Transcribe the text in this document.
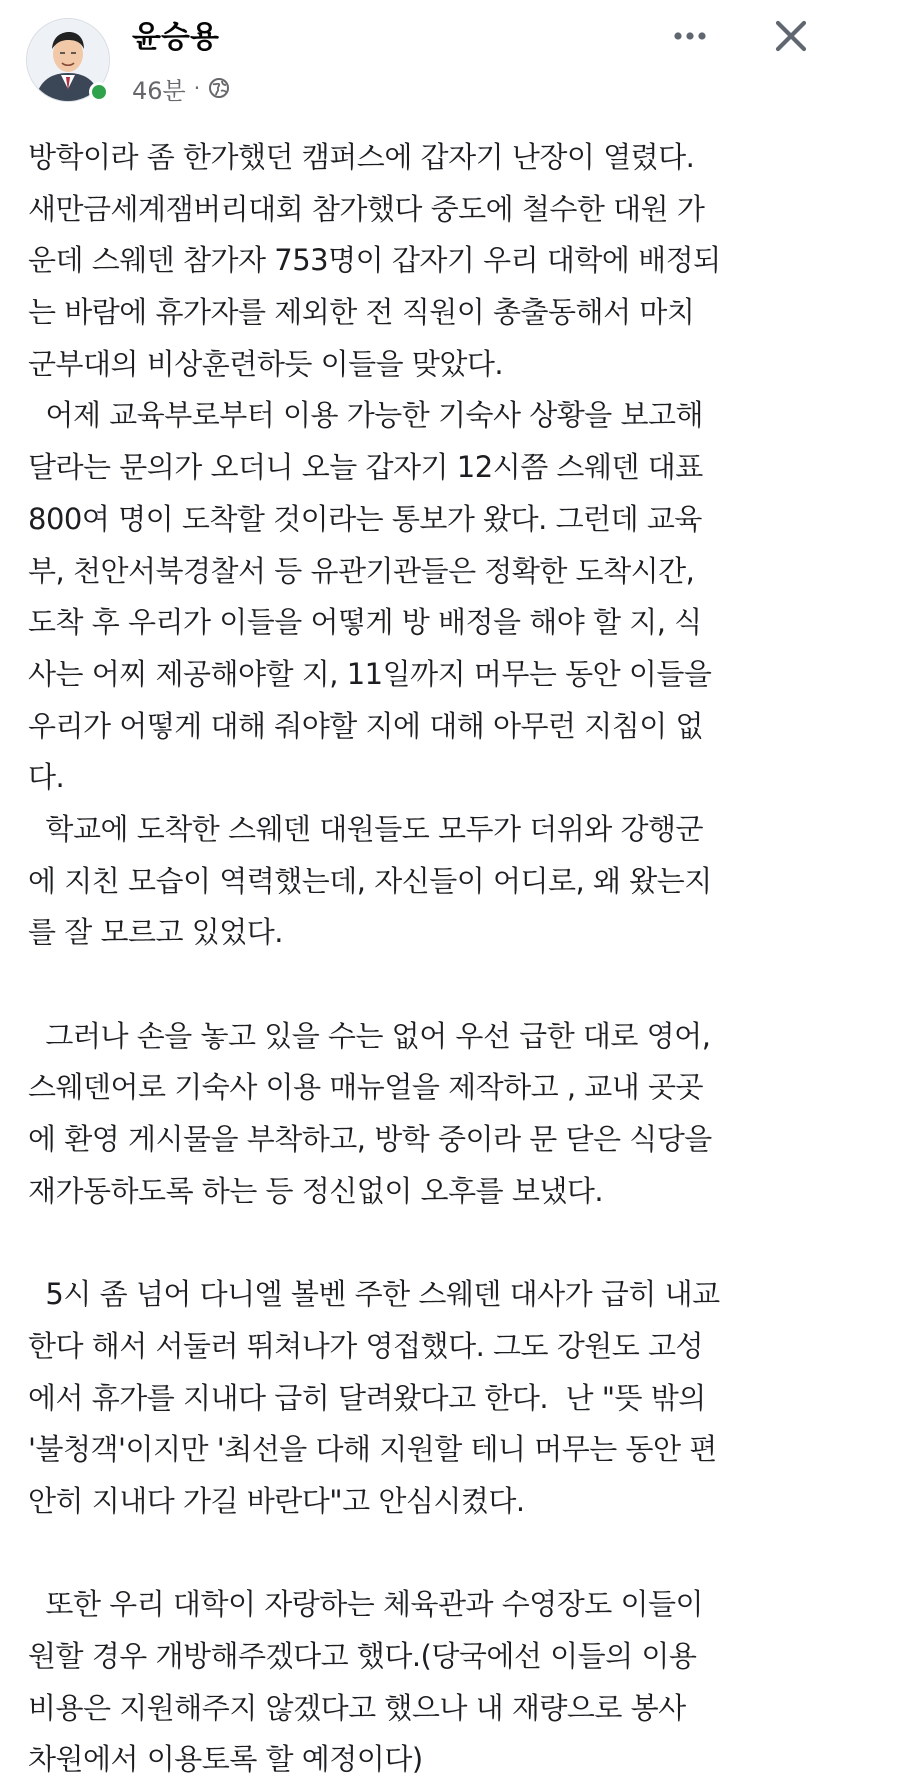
윤승용
46분 ·
방학이라 좀 한가했던 캠퍼스에 갑자기 난장이 열렸다.
새만금세계잼버리대회 참가했다 중도에 철수한 대원 가
운데 스웨덴 참가자 753명이 갑자기 우리 대학에 배정되
는 바람에 휴가자를 제외한 전 직원이 총출동해서 마치
군부대의 비상훈련하듯 이들을 맞았다.
어제 교육부로부터 이용 가능한 기숙사 상황을 보고해
달라는 문의가 오더니 오늘 갑자기 12시쯤 스웨덴 대표
800여 명이 도착할 것이라는 통보가 왔다. 그런데 교육
부, 천안서북경찰서 등 유관기관들은 정확한 도착시간,
도착 후 우리가 이들을 어떻게 방 배정을 해야 할 지, 식
사는 어찌 제공해야할 지, 11일까지 머무는 동안 이들을
우리가 어떻게 대해 줘야할 지에 대해 아무런 지침이 없
다.
학교에 도착한 스웨덴 대원들도 모두가 더위와 강행군
에 지친 모습이 역력했는데, 자신들이 어디로, 왜 왔는지
를 잘 모르고 있었다.
그러나 손을 놓고 있을 수는 없어 우선 급한 대로 영어,
스웨덴어로 기숙사 이용 매뉴얼을 제작하고 , 교내 곳곳
에 환영 게시물을 부착하고, 방학 중이라 문 닫은 식당을
재가동하도록 하는 등 정신없이 오후를 보냈다.
5시 좀 넘어 다니엘 볼벤 주한 스웨덴 대사가 급히 내교
한다 해서 서둘러 뛰쳐나가 영접했다. 그도 강원도 고성
에서 휴가를 지내다 급히 달려왔다고 한다.  난 "뜻 밖의
'불청객'이지만 '최선을 다해 지원할 테니 머무는 동안 편
안히 지내다 가길 바란다"고 안심시켰다.
또한 우리 대학이 자랑하는 체육관과 수영장도 이들이
원할 경우 개방해주겠다고 했다.(당국에선 이들의 이용
비용은 지원해주지 않겠다고 했으나 내 재량으로 봉사
차원에서 이용토록 할 예정이다)
